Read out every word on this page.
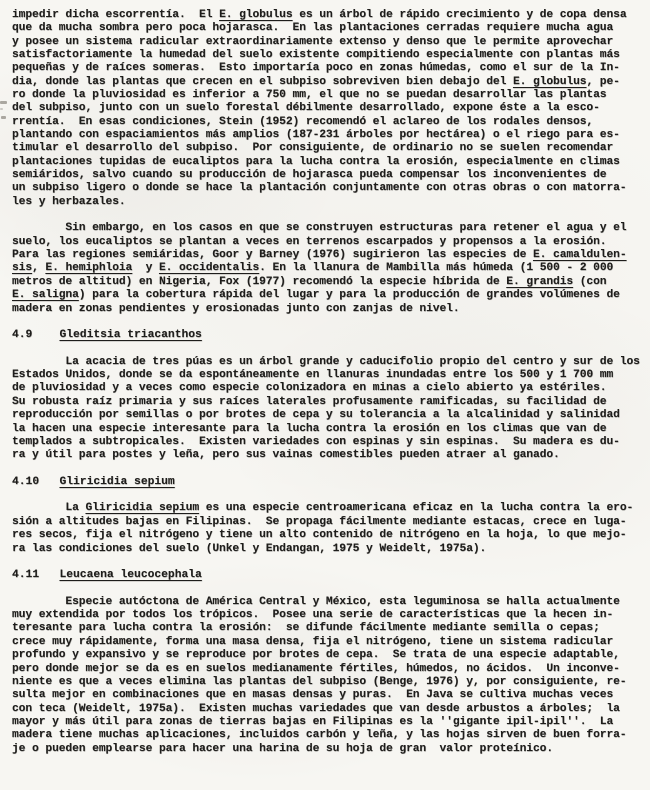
impedir dicha escorrentía.  El E. globulus es un árbol de rápido crecimiento y de copa densa
que da mucha sombra pero poca hojarasca.  En las plantaciones cerradas requiere mucha agua
y posee un sistema radicular extraordinariamente extenso y denso que le permite aprovechar
satisfactoriamente la humedad del suelo existente compitiendo especialmente con plantas más
pequeñas y de raíces someras.  Esto importaría poco en zonas húmedas, como el sur de la In-
dia, donde las plantas que crecen en el subpiso sobreviven bien debajo del E. globulus, pe-
ro donde la pluviosidad es inferior a 750 mm, el que no se puedan desarrollar las plantas
del subpiso, junto con un suelo forestal débilmente desarrollado, expone éste a la esco-
rrentía.  En esas condiciones, Stein (1952) recomendó el aclareo de los rodales densos,
plantando con espaciamientos más amplios (187-231 árboles por hectárea) o el riego para es-
timular el desarrollo del subpiso.  Por consiguiente, de ordinario no se suelen recomendar
plantaciones tupidas de eucaliptos para la lucha contra la erosión, especialmente en climas
semiáridos, salvo cuando su producción de hojarasca pueda compensar los inconvenientes de
un subpiso ligero o donde se hace la plantación conjuntamente con otras obras o con matorra-
les y herbazales.
Sin embargo, en los casos en que se construyen estructuras para retener el agua y el
suelo, los eucaliptos se plantan a veces en terrenos escarpados y propensos a la erosión.
Para las regiones semiáridas, Goor y Barney (1976) sugirieron las especies de E. camaldulen-
sis, E. hemiphloia  y E. occidentalis. En la llanura de Mambilla más húmeda (1 500 - 2 000
metros de altitud) en Nigeria, Fox (1977) recomendó la especie híbrida de E. grandis (con
E. saligna) para la cobertura rápida del lugar y para la producción de grandes volúmenes de
madera en zonas pendientes y erosionadas junto con zanjas de nivel.
4.9    Gleditsia triacanthos
La acacia de tres púas es un árbol grande y caducifolio propio del centro y sur de los
Estados Unidos, donde se da espontáneamente en llanuras inundadas entre los 500 y 1 700 mm
de pluviosidad y a veces como especie colonizadora en minas a cielo abierto ya estériles.
Su robusta raíz primaria y sus raíces laterales profusamente ramificadas, su facilidad de
reproducción por semillas o por brotes de cepa y su tolerancia a la alcalinidad y salinidad
la hacen una especie interesante para la lucha contra la erosión en los climas que van de
templados a subtropicales.  Existen variedades con espinas y sin espinas.  Su madera es du-
ra y útil para postes y leña, pero sus vainas comestibles pueden atraer al ganado.
4.10   Gliricidia sepium
La Gliricidia sepium es una especie centroamericana eficaz en la lucha contra la ero-
sión a altitudes bajas en Filipinas.  Se propaga fácilmente mediante estacas, crece en luga-
res secos, fija el nitrógeno y tiene un alto contenido de nitrógeno en la hoja, lo que mejo-
ra las condiciones del suelo (Unkel y Endangan, 1975 y Weidelt, 1975a).
4.11   Leucaena leucocephala
Especie autóctona de América Central y México, esta leguminosa se halla actualmente
muy extendida por todos los trópicos.  Posee una serie de características que la hecen in-
teresante para lucha contra la erosión:  se difunde fácilmente mediante semilla o cepas;
crece muy rápidamente, forma una masa densa, fija el nitrógeno, tiene un sistema radicular
profundo y expansivo y se reproduce por brotes de cepa.  Se trata de una especie adaptable,
pero donde mejor se da es en suelos medianamente fértiles, húmedos, no ácidos.  Un inconve-
niente es que a veces elimina las plantas del subpiso (Benge, 1976) y, por consiguiente, re-
sulta mejor en combinaciones que en masas densas y puras.  En Java se cultiva muchas veces
con teca (Weidelt, 1975a).  Existen muchas variedades que van desde arbustos a árboles;  la
mayor y más útil para zonas de tierras bajas en Filipinas es la ''gigante ipil-ipil''.  La
madera tiene muchas aplicaciones, incluidos carbón y leña, y las hojas sirven de buen forra-
je o pueden emplearse para hacer una harina de su hoja de gran  valor proteínico.
